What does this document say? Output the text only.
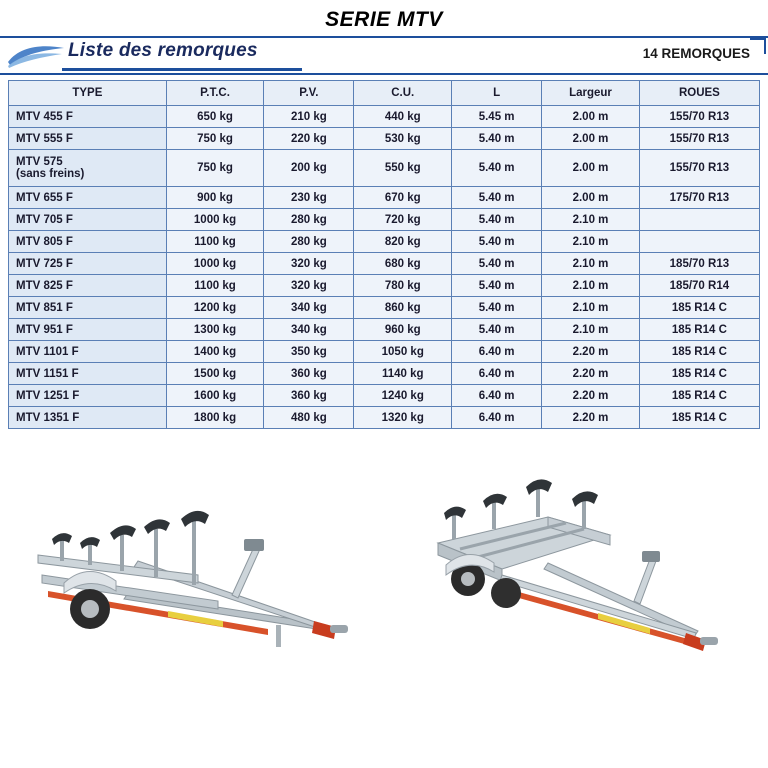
SERIE MTV
Liste des remorques	14 REMORQUES
TYPE	P.T.C.	P.V.	C.U.	L	Largeur	ROUES
MTV 455 F	650 kg	210 kg	440 kg	5.45 m	2.00 m	155/70 R13
MTV 555 F	750 kg	220 kg	530 kg	5.40 m	2.00 m	155/70 R13
MTV 575
(sans freins)	750 kg	200 kg	550 kg	5.40 m	2.00 m	155/70 R13
MTV 655 F	900 kg	230 kg	670 kg	5.40 m	2.00 m	175/70 R13
MTV 705 F	1000 kg	280 kg	720 kg	5.40 m	2.10 m	
MTV 805 F	1100 kg	280 kg	820 kg	5.40 m	2.10 m	
MTV 725 F	1000 kg	320 kg	680 kg	5.40 m	2.10 m	185/70 R13
MTV 825 F	1100 kg	320 kg	780 kg	5.40 m	2.10 m	185/70 R14
MTV 851 F	1200 kg	340 kg	860 kg	5.40 m	2.10 m	185 R14 C
MTV 951 F	1300 kg	340 kg	960 kg	5.40 m	2.10 m	185 R14 C
MTV 1101 F	1400 kg	350 kg	1050 kg	6.40 m	2.20 m	185 R14 C
MTV 1151 F	1500 kg	360 kg	1140 kg	6.40 m	2.20 m	185 R14 C
MTV 1251 F	1600 kg	360 kg	1240 kg	6.40 m	2.20 m	185 R14 C
MTV 1351 F	1800 kg	480 kg	1320 kg	6.40 m	2.20 m	185 R14 C
